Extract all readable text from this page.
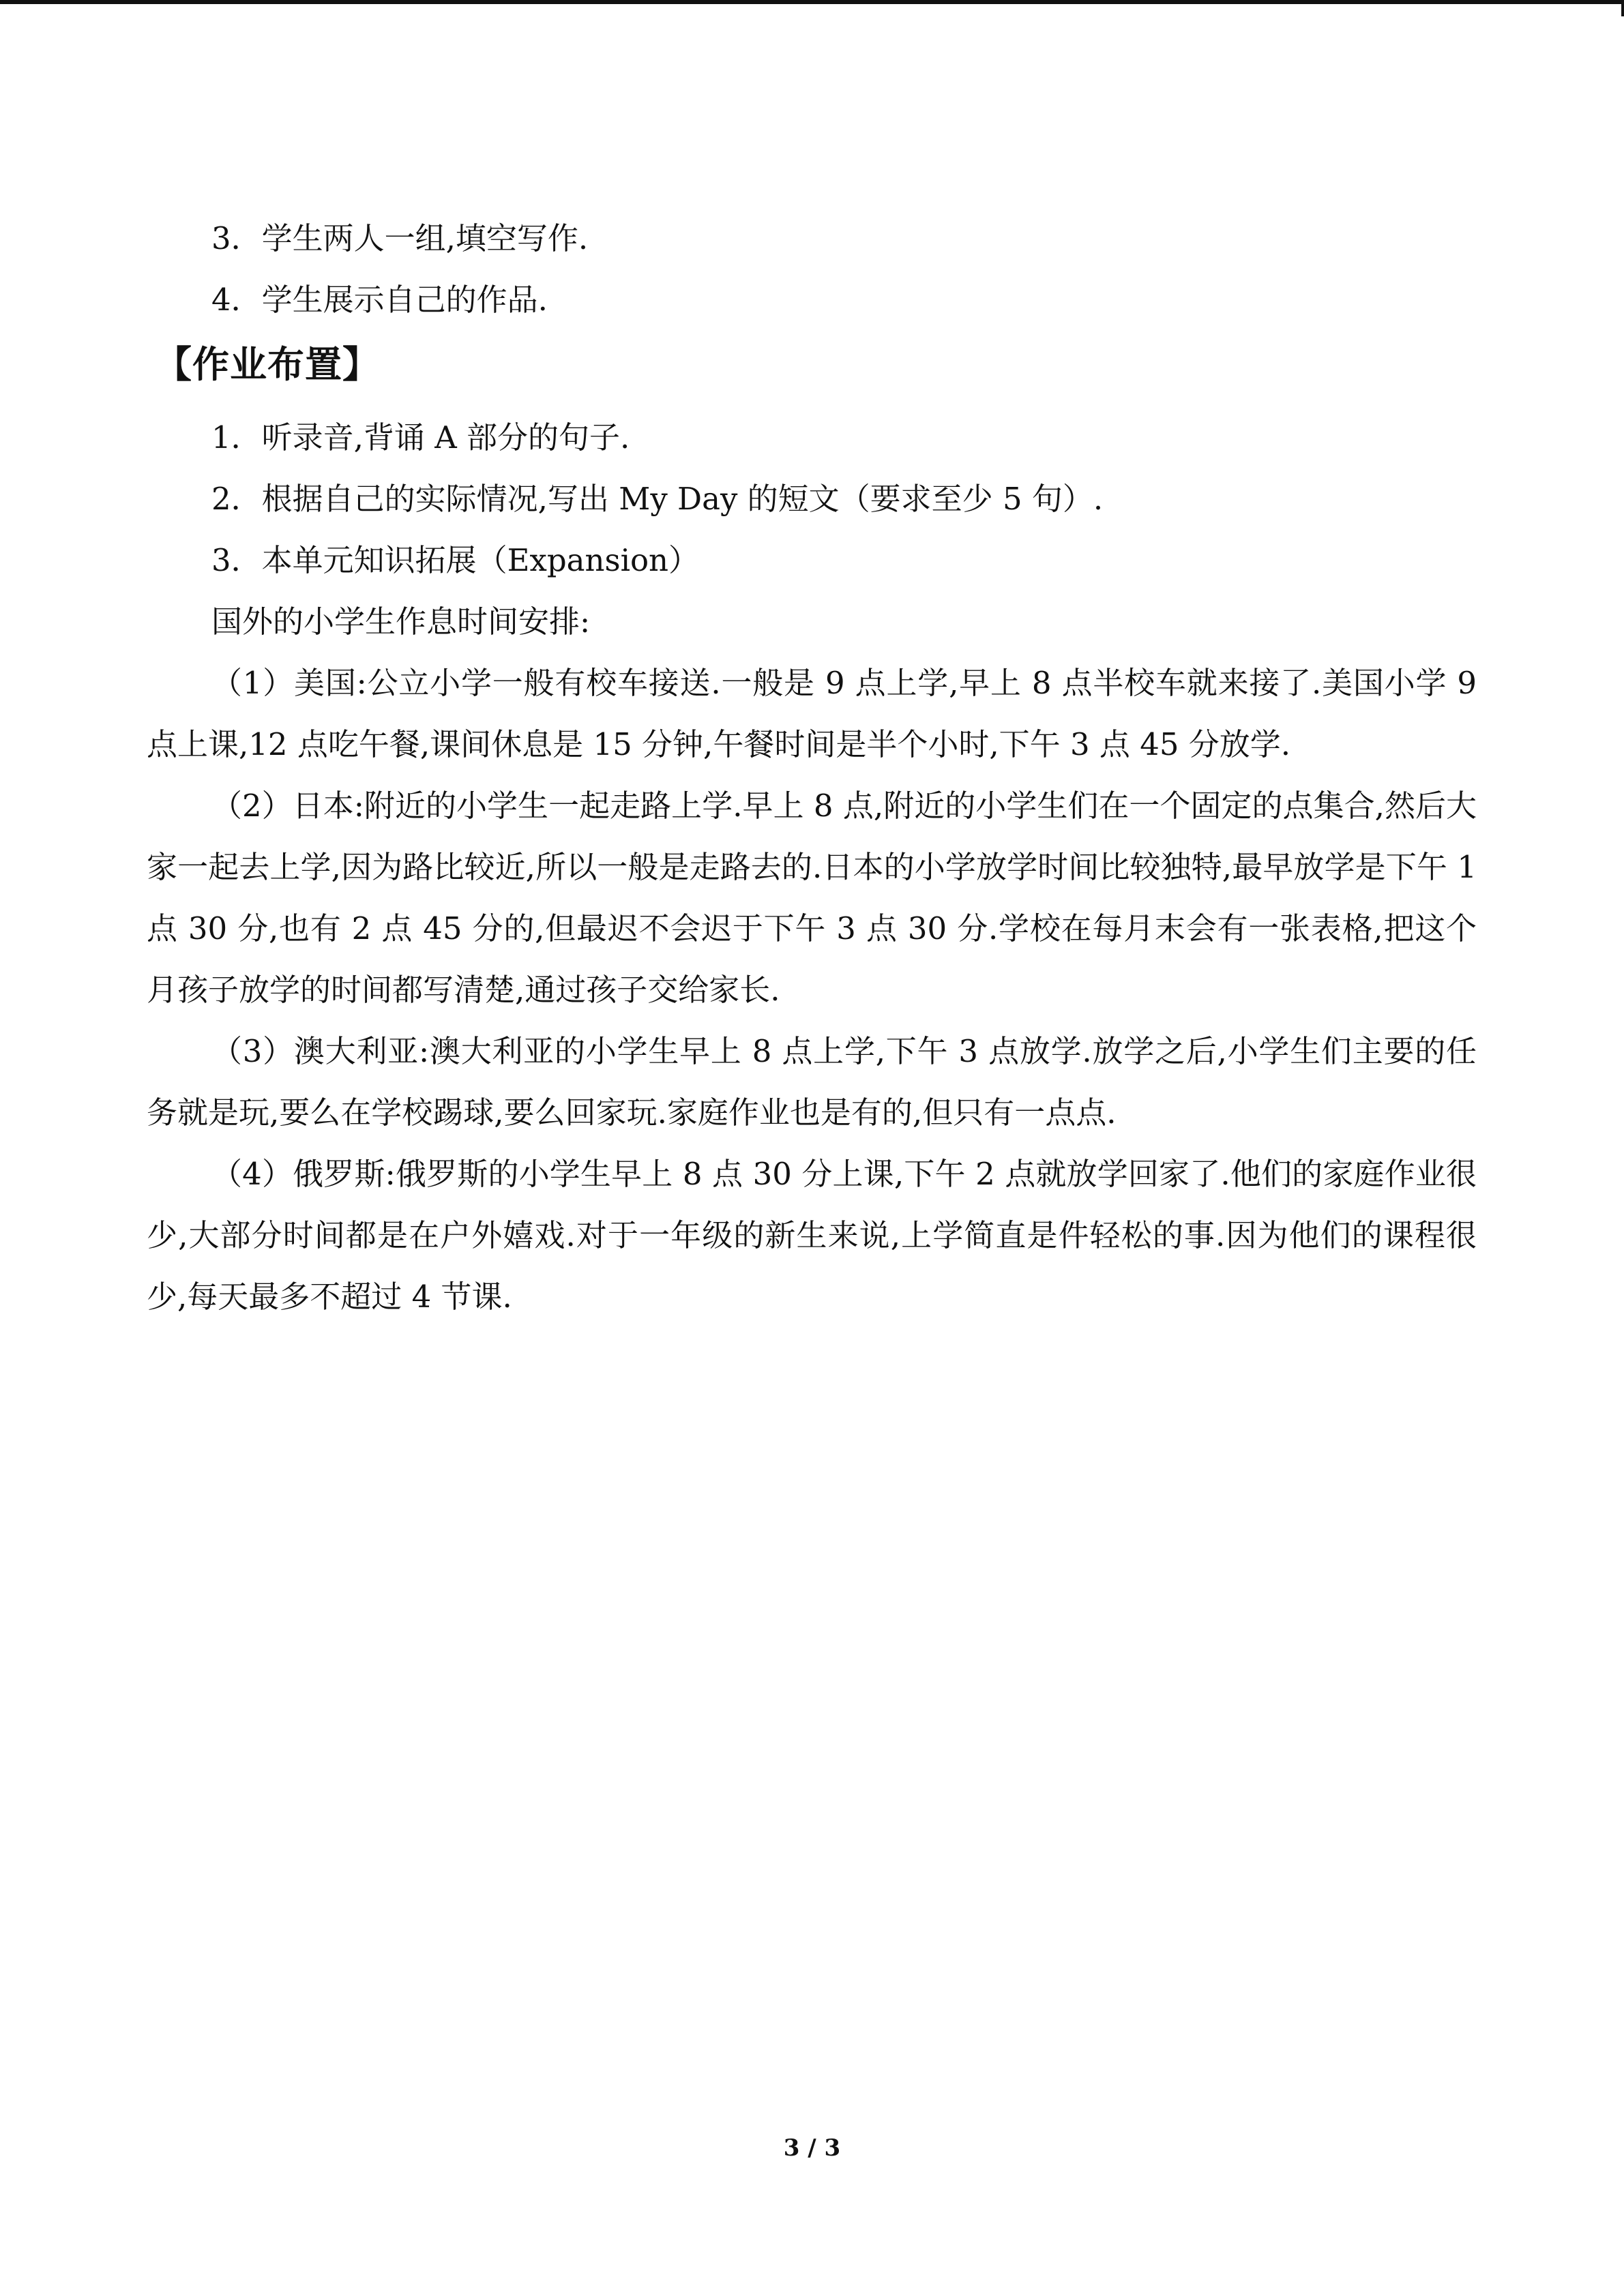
3．学生两人一组,填空写作.

4．学生展示自己的作品.

【作业布置】

1．听录音,背诵 A 部分的句子.

2．根据自己的实际情况,写出 My Day 的短文（要求至少 5 句）.

3．本单元知识拓展（Expansion）

国外的小学生作息时间安排:

（1）美国:公立小学一般有校车接送.一般是 9 点上学,早上 8 点半校车就来接了.美国小学 9 点上课,12 点吃午餐,课间休息是 15 分钟,午餐时间是半个小时,下午 3 点 45 分放学.

（2）日本:附近的小学生一起走路上学.早上 8 点,附近的小学生们在一个固定的点集合,然后大家一起去上学,因为路比较近,所以一般是走路去的.日本的小学放学时间比较独特,最早放学是下午 1 点 30 分,也有 2 点 45 分的,但最迟不会迟于下午 3 点 30 分.学校在每月末会有一张表格,把这个月孩子放学的时间都写清楚,通过孩子交给家长.

（3）澳大利亚:澳大利亚的小学生早上 8 点上学,下午 3 点放学.放学之后,小学生们主要的任务就是玩,要么在学校踢球,要么回家玩.家庭作业也是有的,但只有一点点.

（4）俄罗斯:俄罗斯的小学生早上 8 点 30 分上课,下午 2 点就放学回家了.他们的家庭作业很少,大部分时间都是在户外嬉戏.对于一年级的新生来说,上学简直是件轻松的事.因为他们的课程很少,每天最多不超过 4 节课.

3 / 3
